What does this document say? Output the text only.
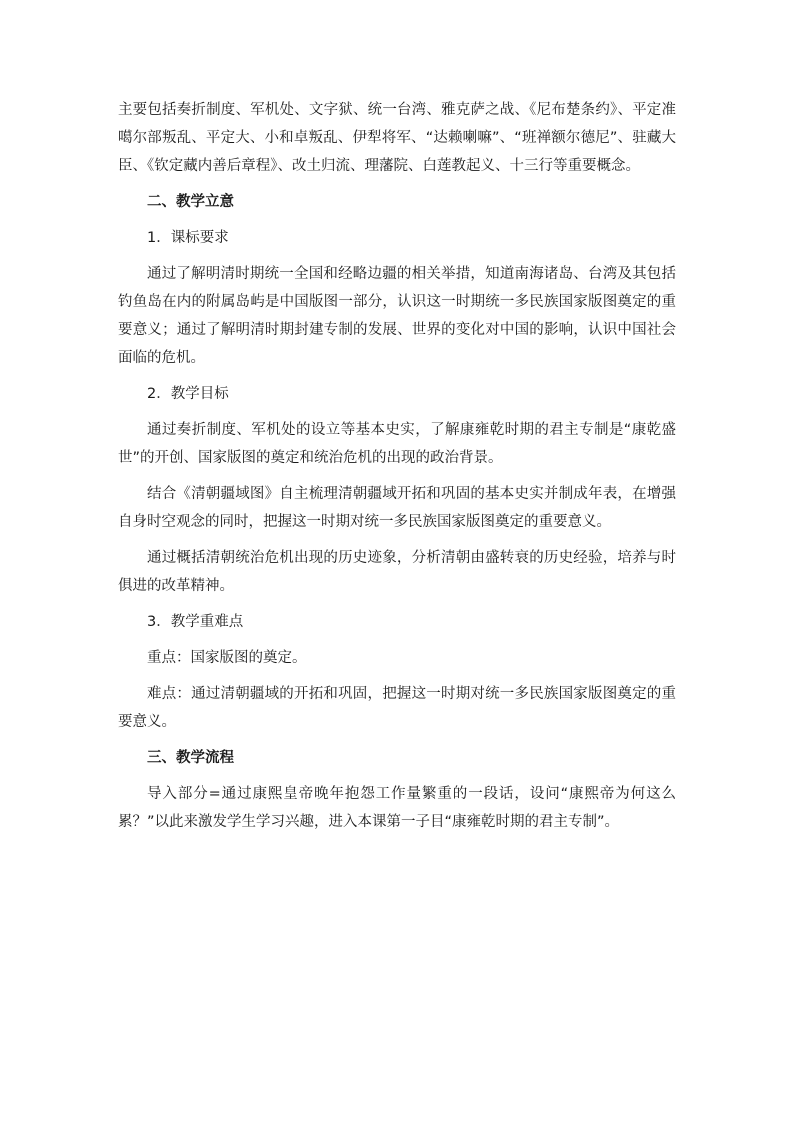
主要包括奏折制度、军机处、文字狱、统一台湾、雅克萨之战、《尼布楚条约》、平定准噶尔部叛乱、平定大、小和卓叛乱、伊犁将军、“达赖喇嘛”、“班禅额尔德尼”、驻藏大臣、《钦定藏内善后章程》、改土归流、理藩院、白莲教起义、十三行等重要概念。

二、教学立意

1．课标要求

通过了解明清时期统一全国和经略边疆的相关举措，知道南海诸岛、台湾及其包括钓鱼岛在内的附属岛屿是中国版图一部分，认识这一时期统一多民族国家版图奠定的重要意义；通过了解明清时期封建专制的发展、世界的变化对中国的影响，认识中国社会面临的危机。

2．教学目标

通过奏折制度、军机处的设立等基本史实，了解康雍乾时期的君主专制是“康乾盛世”的开创、国家版图的奠定和统治危机的出现的政治背景。

结合《清朝疆域图》自主梳理清朝疆域开拓和巩固的基本史实并制成年表，在增强自身时空观念的同时，把握这一时期对统一多民族国家版图奠定的重要意义。

通过概括清朝统治危机出现的历史迹象，分析清朝由盛转衰的历史经验，培养与时俱进的改革精神。

3．教学重难点

重点：国家版图的奠定。

难点：通过清朝疆域的开拓和巩固，把握这一时期对统一多民族国家版图奠定的重要意义。

三、教学流程

导入部分=通过康熙皇帝晚年抱怨工作量繁重的一段话，设问“康熙帝为何这么累？”以此来激发学生学习兴趣，进入本课第一子目“康雍乾时期的君主专制”。
